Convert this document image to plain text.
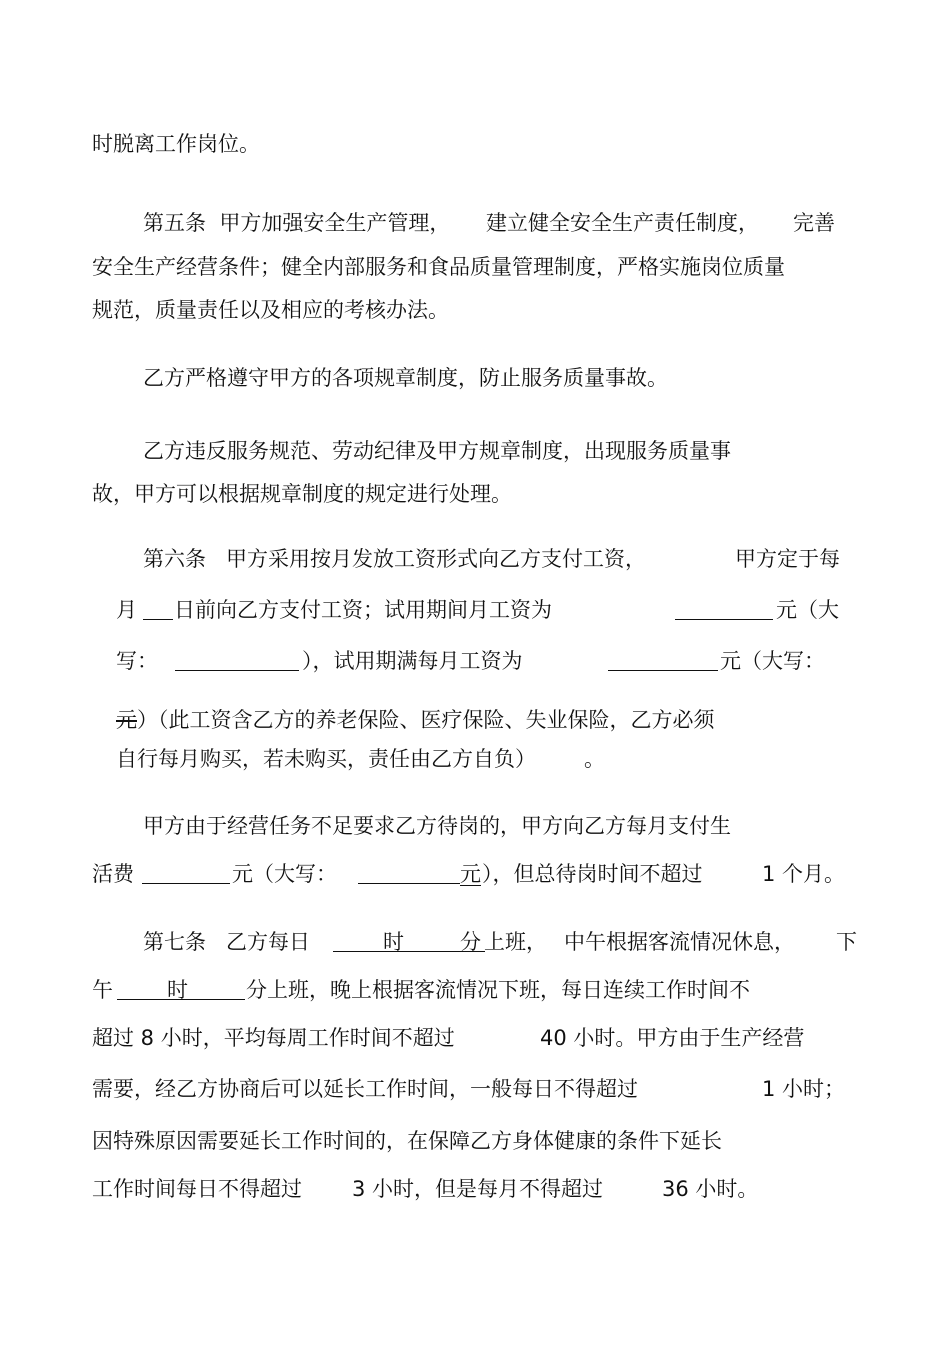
时脱离工作岗位。
第五条  甲方加强安全生产管理， 建立健全安全生产责任制度， 完善
安全生产经营条件；健全内部服务和食品质量管理制度，严格实施岗位质量
规范，质量责任以及相应的考核办法。
乙方严格遵守甲方的各项规章制度，防止服务质量事故。
乙方违反服务规范、劳动纪律及甲方规章制度，出现服务质量事
故，甲方可以根据规章制度的规定进行处理。
第六条   甲方采用按月发放工资形式向乙方支付工资，	甲方定于每
月 日前向乙方支付工资；试用期间月工资为	元（大
写：	），试用期满每月工资为	元（大写：
元 ）（此工资含乙方的养老保险、医疗保险、失业保险，乙方必须
自行每月购买，若未购买，责任由乙方自负） 。
甲方由于经营任务不足要求乙方待岗的，甲方向乙方每月支付生
活费	元（大写：	元 ），但总待岗时间不超过	1 个月。
第七条   乙方每日	时	分 上班， 中午根据客流情况休息， 下
午	时	分上班，晚上根据客流情况下班，每日连续工作时间不
超过 8 小时，平均每周工作时间不超过	40 小时。甲方由于生产经营
需要，经乙方协商后可以延长工作时间，一般每日不得超过	1 小时；
因特殊原因需要延长工作时间的，在保障乙方身体健康的条件下延长
工作时间每日不得超过 3 小时，但是每月不得超过	36 小时。
